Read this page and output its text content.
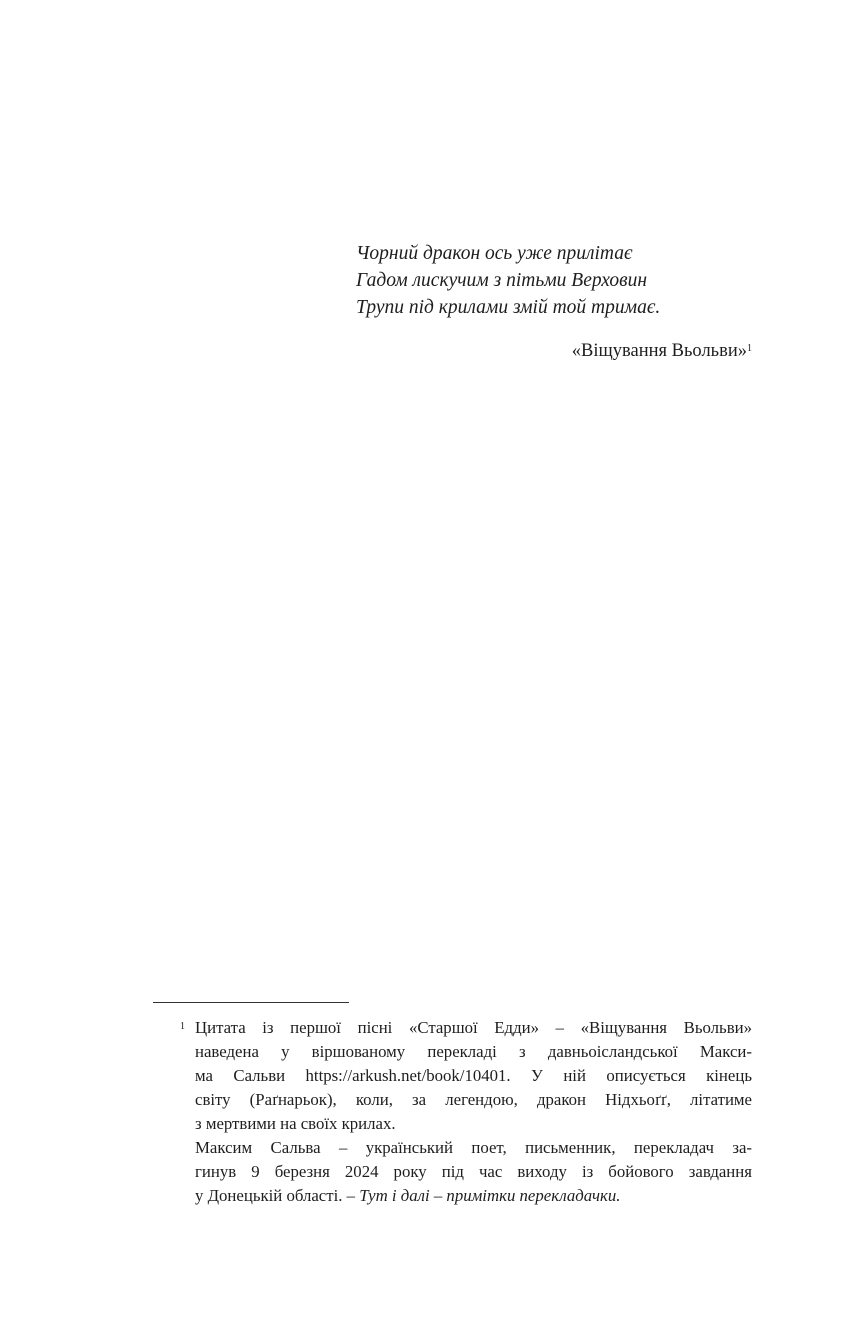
Чорний дракон ось уже прилітає
Гадом лискучим з пітьми Верховин
Трупи під крилами змій той тримає.
«Віщування Вьольви»$^1$
1 Цитата із першої пісні «Старшої Едди» – «Віщування Вьольви»
наведена у віршованому перекладі з давньоісландської Макси-
ма Сальви https://arkush.net/book/10401. У ній описується кінець
світу (Раґнарьок), коли, за легендою, дракон Нідхьоґґ, літатиме
з мертвими на своїх крилах.
Максим Сальва – український поет, письменник, перекладач за-
гинув 9 березня 2024 року під час виходу із бойового завдання
у Донецькій області. – Тут і далі – примітки перекладачки.
